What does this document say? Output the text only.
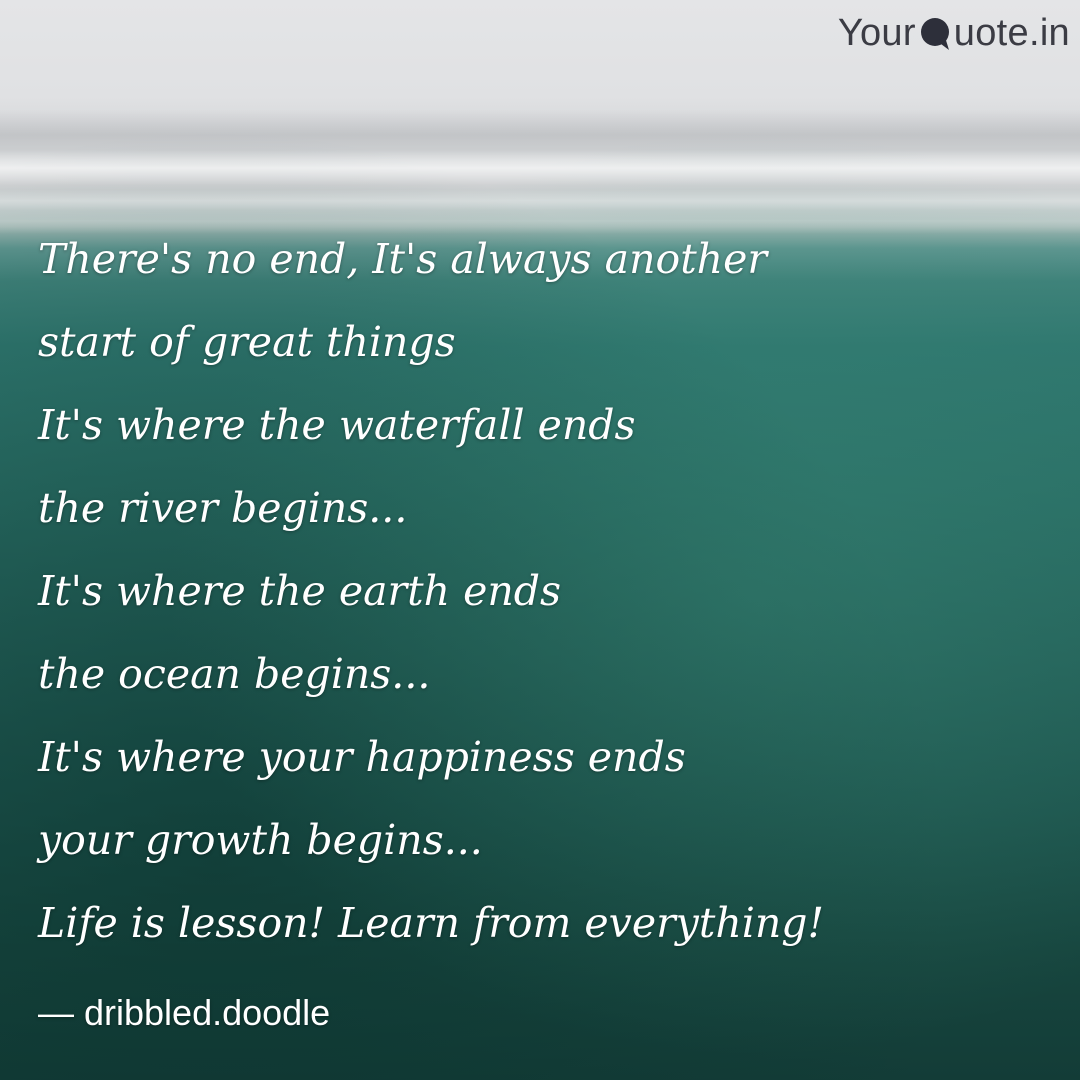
Your uote.in
There's no end, It's always another
start of great things
It's where the waterfall ends
the river begins...
It's where the earth ends
the ocean begins...
It's where your happiness ends
your growth begins...
Life is lesson! Learn from everything!
— dribbled.doodle
